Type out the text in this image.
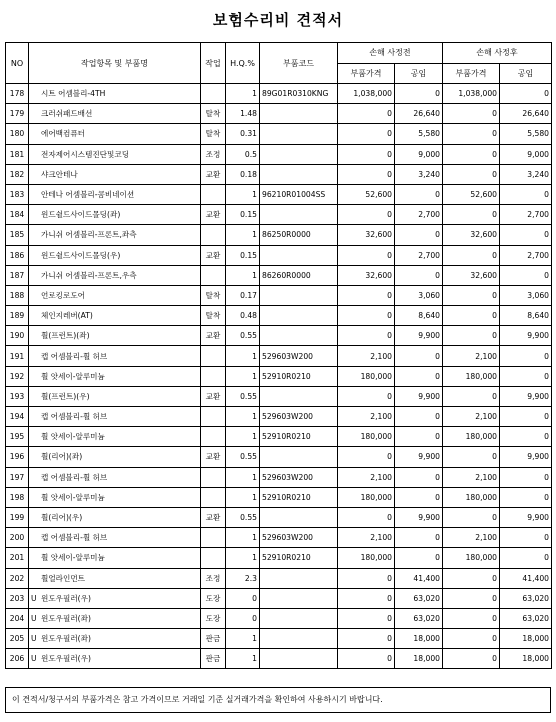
보험수리비 견적서
NO	작업항목 및 부품명	작업	H.Q.%	부품코드	손해 사정전		손해 사정후	
					부품가격	공임	부품가격	공임
178	시트 어셈블리-4TH		1	89G01R0310KNG	1,038,000	0	1,038,000	0
179	크러쉬패드배선	탈착	1.48		0	26,640	0	26,640
180	에어백컴퓨터	탈착	0.31		0	5,580	0	5,580
181	전자제어시스템진단및코딩	조정	0.5		0	9,000	0	9,000
182	샤크안테나	교환	0.18		0	3,240	0	3,240
183	안테나 어셈블리-콤비네이션		1	96210R01004SS	52,600	0	52,600	0
184	윈드쉴드사이드몰딩(좌)	교환	0.15		0	2,700	0	2,700
185	가니쉬 어셈블리-프론트,좌측		1	86250R0000	32,600	0	32,600	0
186	윈드쉴드사이드몰딩(우)	교환	0.15		0	2,700	0	2,700
187	가니쉬 어셈블리-프론트,우측		1	86260R0000	32,600	0	32,600	0
188	언로킹로도어	탈착	0.17		0	3,060	0	3,060
189	체인지레버(AT)	탈착	0.48		0	8,640	0	8,640
190	휠(프런트)(좌)	교환	0.55		0	9,900	0	9,900
191	캡 어셈블리-휠 허브		1	529603W200	2,100	0	2,100	0
192	휠 앗세이-알루미늄		1	52910R0210	180,000	0	180,000	0
193	휠(프런트)(우)	교환	0.55		0	9,900	0	9,900
194	캡 어셈블리-휠 허브		1	529603W200	2,100	0	2,100	0
195	휠 앗세이-알루미늄		1	52910R0210	180,000	0	180,000	0
196	휠(리어)(좌)	교환	0.55		0	9,900	0	9,900
197	캡 어셈블리-휠 허브		1	529603W200	2,100	0	2,100	0
198	휠 앗세이-알루미늄		1	52910R0210	180,000	0	180,000	0
199	휠(리어)(우)	교환	0.55		0	9,900	0	9,900
200	캡 어셈블리-휠 허브		1	529603W200	2,100	0	2,100	0
201	휠 앗세이-알루미늄		1	52910R0210	180,000	0	180,000	0
202	휠얼라인먼트	조정	2.3		0	41,400	0	41,400
203	U 윈도우필러(우)	도장	0		0	63,020	0	63,020
204	U 윈도우필러(좌)	도장	0		0	63,020	0	63,020
205	U 윈도우필러(좌)	판금	1		0	18,000	0	18,000
206	U 윈도우필러(우)	판금	1		0	18,000	0	18,000
이 견적서/청구서의 부품가격은 참고 가격이므로 거래일 기준 실거래가격을 확인하여 사용하시기 바랍니다.
